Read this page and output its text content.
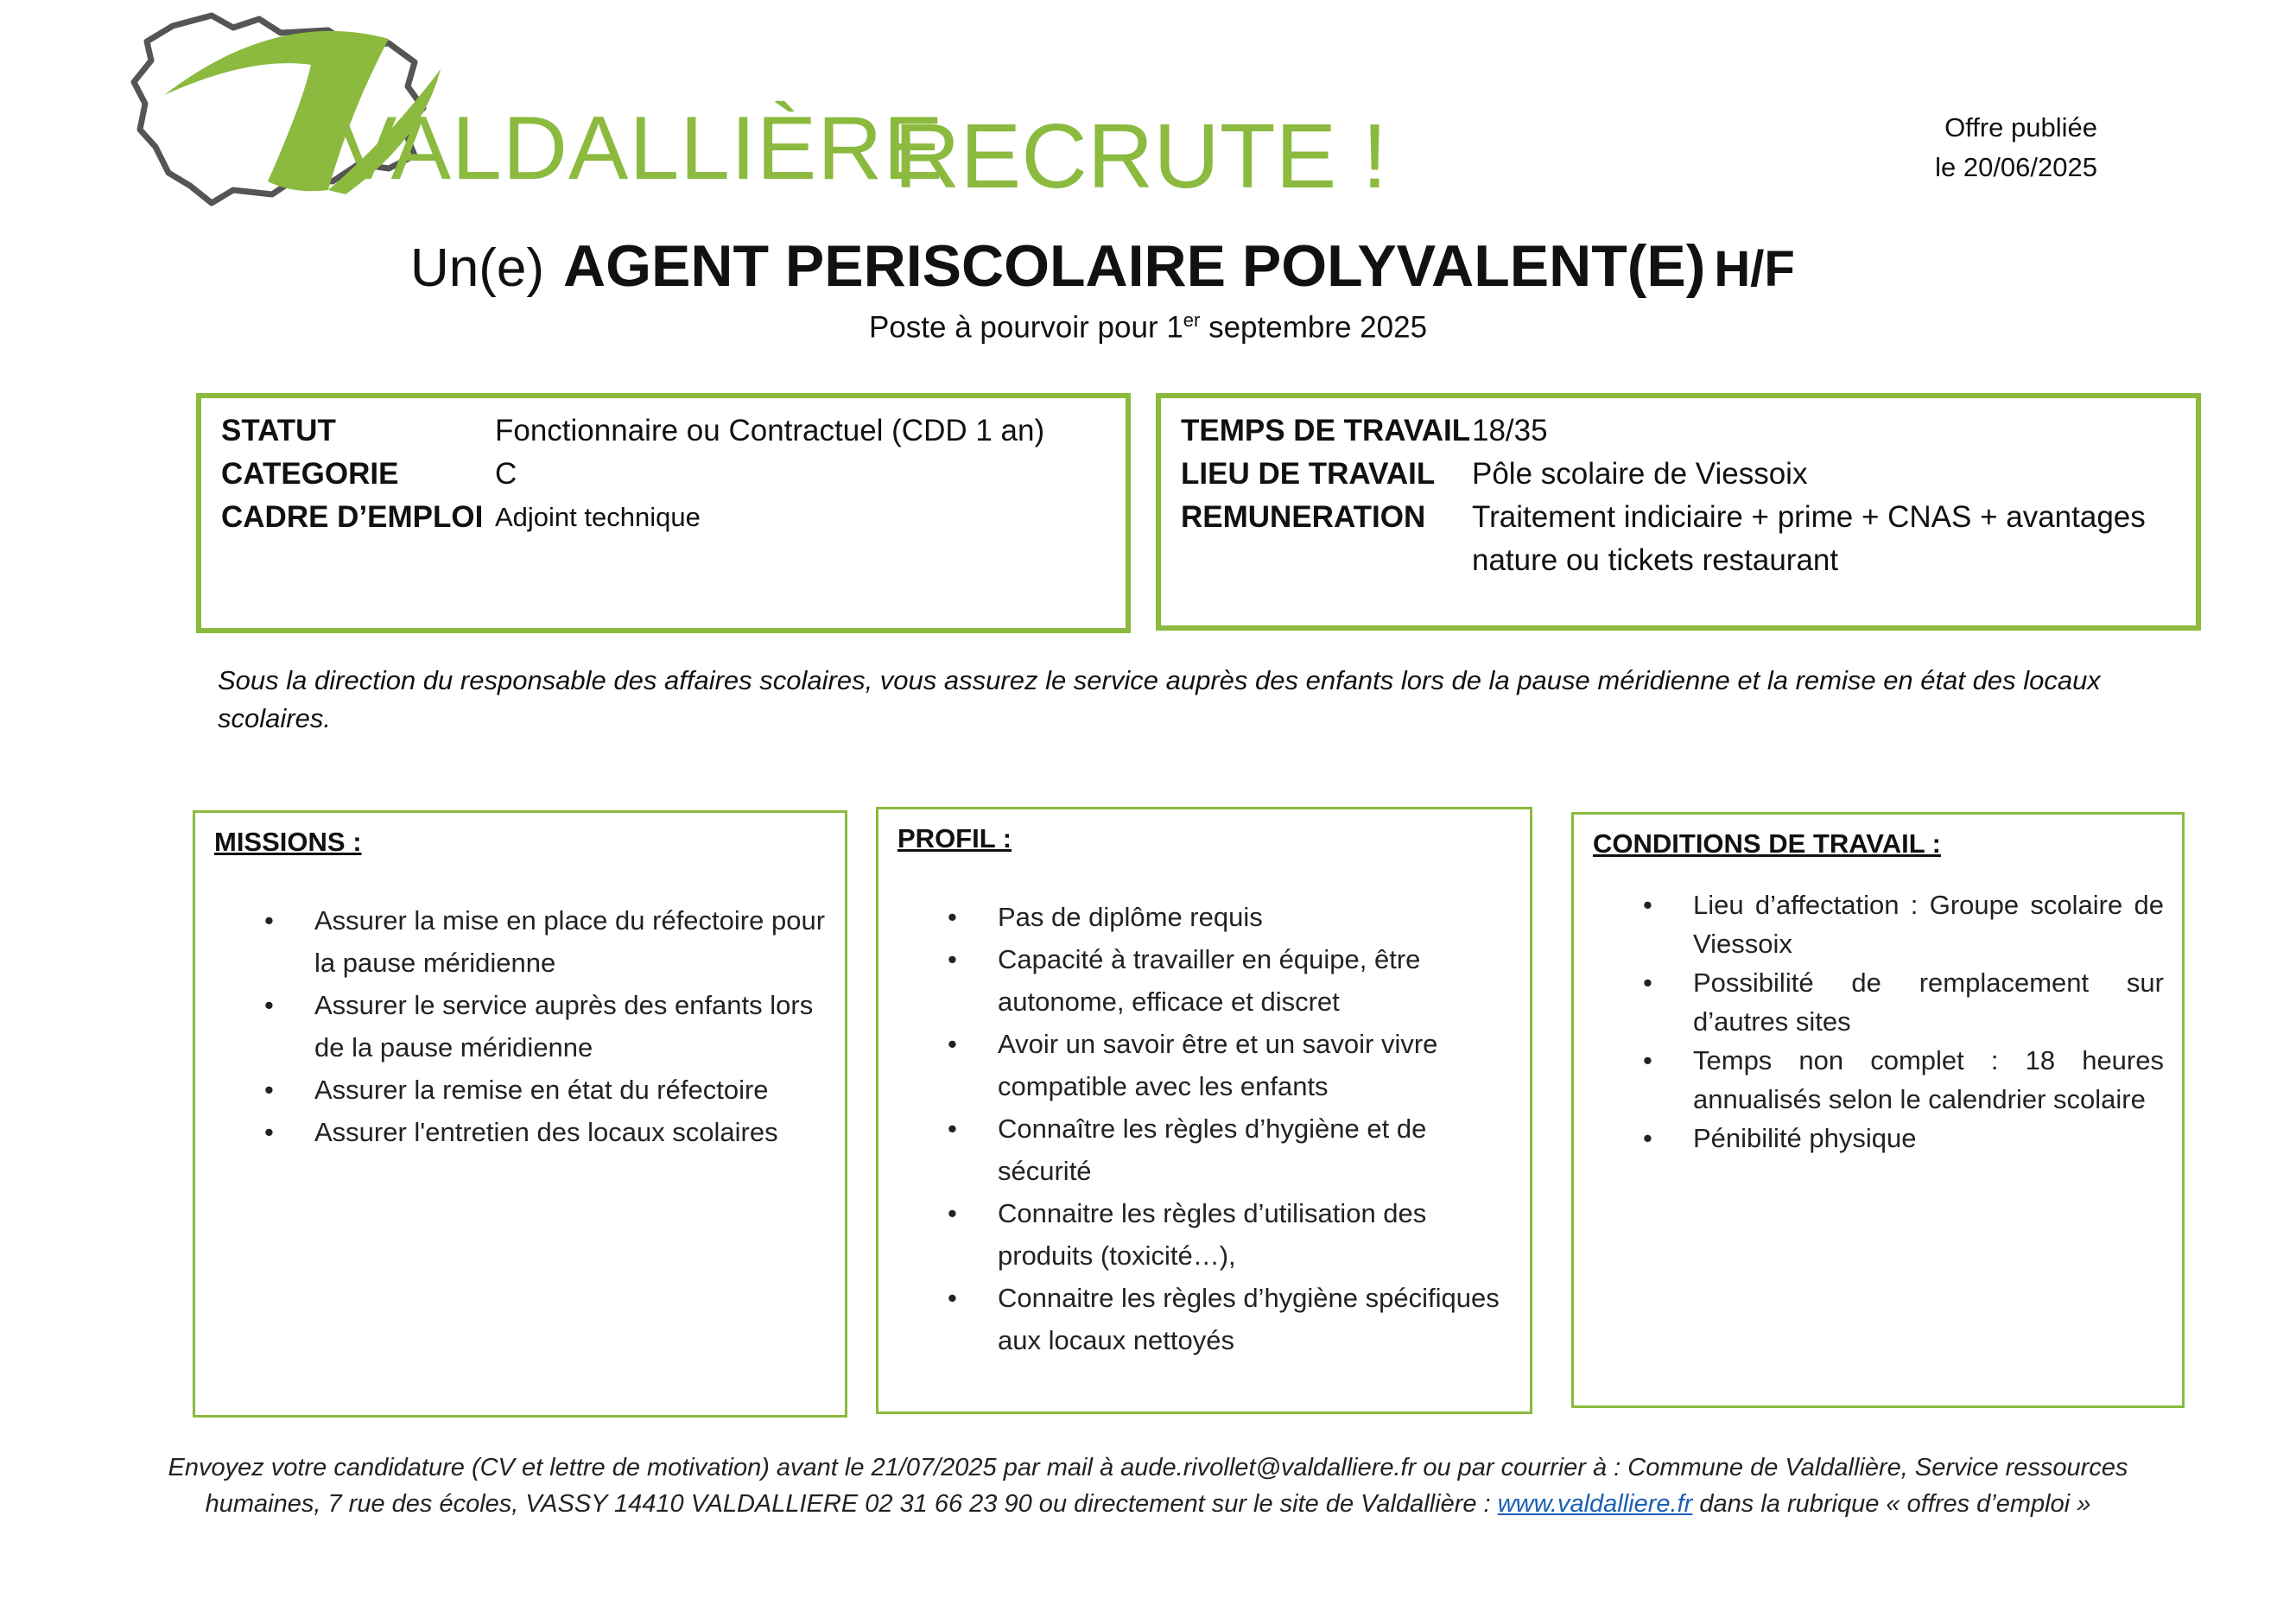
VALDALLIÈRE
RECRUTE !	Offre publiée
le 20/06/2025
Un(e) AGENT PERISCOLAIRE POLYVALENT(E) H/F
Poste à pourvoir pour 1er septembre 2025
STATUT	Fonctionnaire ou Contractuel (CDD 1 an)
CATEGORIE	C
CADRE D’EMPLOI Adjoint technique
TEMPS DE TRAVAIL 18/35
LIEU DE TRAVAIL Pôle scolaire de Viessoix
REMUNERATION Traitement indiciaire + prime + CNAS + avantages
nature ou tickets restaurant
Sous la direction du responsable des affaires scolaires, vous assurez le service auprès des enfants lors de la pause méridienne et la remise en état des locaux scolaires.
MISSIONS :
• Assurer la mise en place du réfectoire pour
la pause méridienne
• Assurer le service auprès des enfants lors
de la pause méridienne
• Assurer la remise en état du réfectoire
• Assurer l'entretien des locaux scolaires
PROFIL :
• Pas de diplôme requis
• Capacité à travailler en équipe, être
autonome, efficace et discret
• Avoir un savoir être et un savoir vivre
compatible avec les enfants
• Connaître les règles d’hygiène et de
sécurité
• Connaitre les règles d’utilisation des
produits (toxicité…),
• Connaitre les règles d’hygiène spécifiques
aux locaux nettoyés
CONDITIONS DE TRAVAIL :
• Lieu d’affectation : Groupe scolaire de
Viessoix
• Possibilité de remplacement sur
d’autres sites
• Temps non complet : 18 heures
annualisés selon le calendrier scolaire
• Pénibilité physique
Envoyez votre candidature (CV et lettre de motivation) avant le 21/07/2025 par mail à aude.rivollet@valdalliere.fr ou par courrier à : Commune de Valdallière, Service ressources
humaines, 7 rue des écoles, VASSY 14410 VALDALLIERE 02 31 66 23 90 ou directement sur le site de Valdallière : www.valdalliere.fr dans la rubrique « offres d’emploi »
